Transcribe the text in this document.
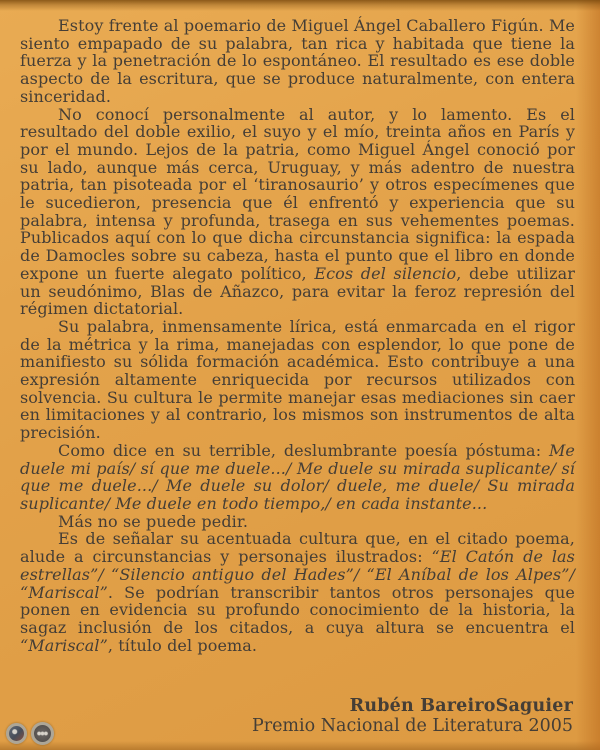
Estoy frente al poemario de Miguel Ángel Caballero Figún. Me siento empapado de su palabra, tan rica y habitada que tiene la fuerza y la penetración de lo espontáneo. El resultado es ese doble aspecto de la escritura, que se produce naturalmente, con entera sinceridad.

No conocí personalmente al autor, y lo lamento. Es el resultado del doble exilio, el suyo y el mío, treinta años en París y por el mundo. Lejos de la patria, como Miguel Ángel conoció por su lado, aunque más cerca, Uruguay, y más adentro de nuestra patria, tan pisoteada por el ‘tiranosaurio’ y otros especímenes que le sucedieron, presencia que él enfrentó y experiencia que su palabra, intensa y profunda, trasega en sus vehementes poemas. Publicados aquí con lo que dicha circunstancia significa: la espada de Damocles sobre su cabeza, hasta el punto que el libro en donde expone un fuerte alegato político, Ecos del silencio, debe utilizar un seudónimo, Blas de Añazco, para evitar la feroz represión del régimen dictatorial.

Su palabra, inmensamente lírica, está enmarcada en el rigor de la métrica y la rima, manejadas con esplendor, lo que pone de manifiesto su sólida formación académica. Esto contribuye a una expresión altamente enriquecida por recursos utilizados con solvencia. Su cultura le permite manejar esas mediaciones sin caer en limitaciones y al contrario, los mismos son instrumentos de alta precisión.

Como dice en su terrible, deslumbrante poesía póstuma: Me duele mi país/ sí que me duele.../ Me duele su mirada suplicante/ sí que me duele.../ Me duele su dolor/ duele, me duele/ Su mirada suplicante/ Me duele en todo tiempo,/ en cada instante...

Más no se puede pedir.

Es de señalar su acentuada cultura que, en el citado poema, alude a circunstancias y personajes ilustrados: “El Catón de las estrellas”/ “Silencio antiguo del Hades”/ “El Aníbal de los Alpes”/ “Mariscal”. Se podrían transcribir tantos otros personajes que ponen en evidencia su profundo conocimiento de la historia, la sagaz inclusión de los citados, a cuya altura se encuentra el “Mariscal”, título del poema.

Rubén BareiroSaguier
Premio Nacional de Literatura 2005
